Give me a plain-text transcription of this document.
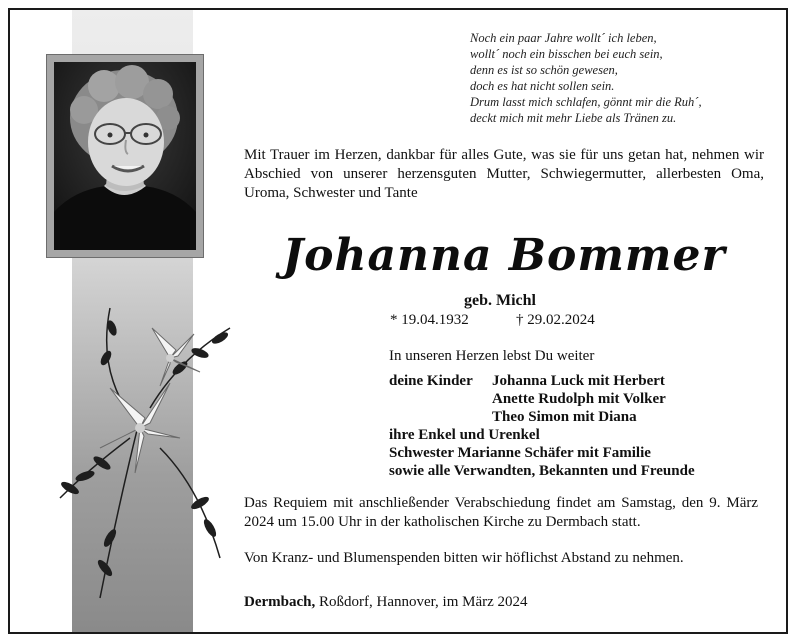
Noch ein paar Jahre wollt´ ich leben,
wollt´ noch ein bisschen bei euch sein,
denn es ist so schön gewesen,
doch es hat nicht sollen sein.
Drum lasst mich schlafen, gönnt mir die Ruh´,
deckt mich mit mehr Liebe als Tränen zu.
Mit Trauer im Herzen, dankbar für alles Gute, was sie für uns getan hat, nehmen wir Abschied von unserer herzensguten Mutter, Schwiegermutter, allerbesten Oma, Uroma, Schwester und Tante
Johanna Bommer
geb. Michl
* 19.04.1932	† 29.02.2024
In unseren Herzen lebst Du weiter
deine Kinder Johanna Luck mit Herbert
Anette Rudolph mit Volker
Theo Simon mit Diana
ihre Enkel und Urenkel
Schwester Marianne Schäfer mit Familie
sowie alle Verwandten, Bekannten und Freunde
Das Requiem mit anschließender Verabschiedung findet am Samstag, den 9. März 2024 um 15.00 Uhr in der katholischen Kirche zu Dermbach statt.
Von Kranz- und Blumenspenden bitten wir höflichst Abstand zu nehmen.
Dermbach, Roßdorf, Hannover, im März 2024
